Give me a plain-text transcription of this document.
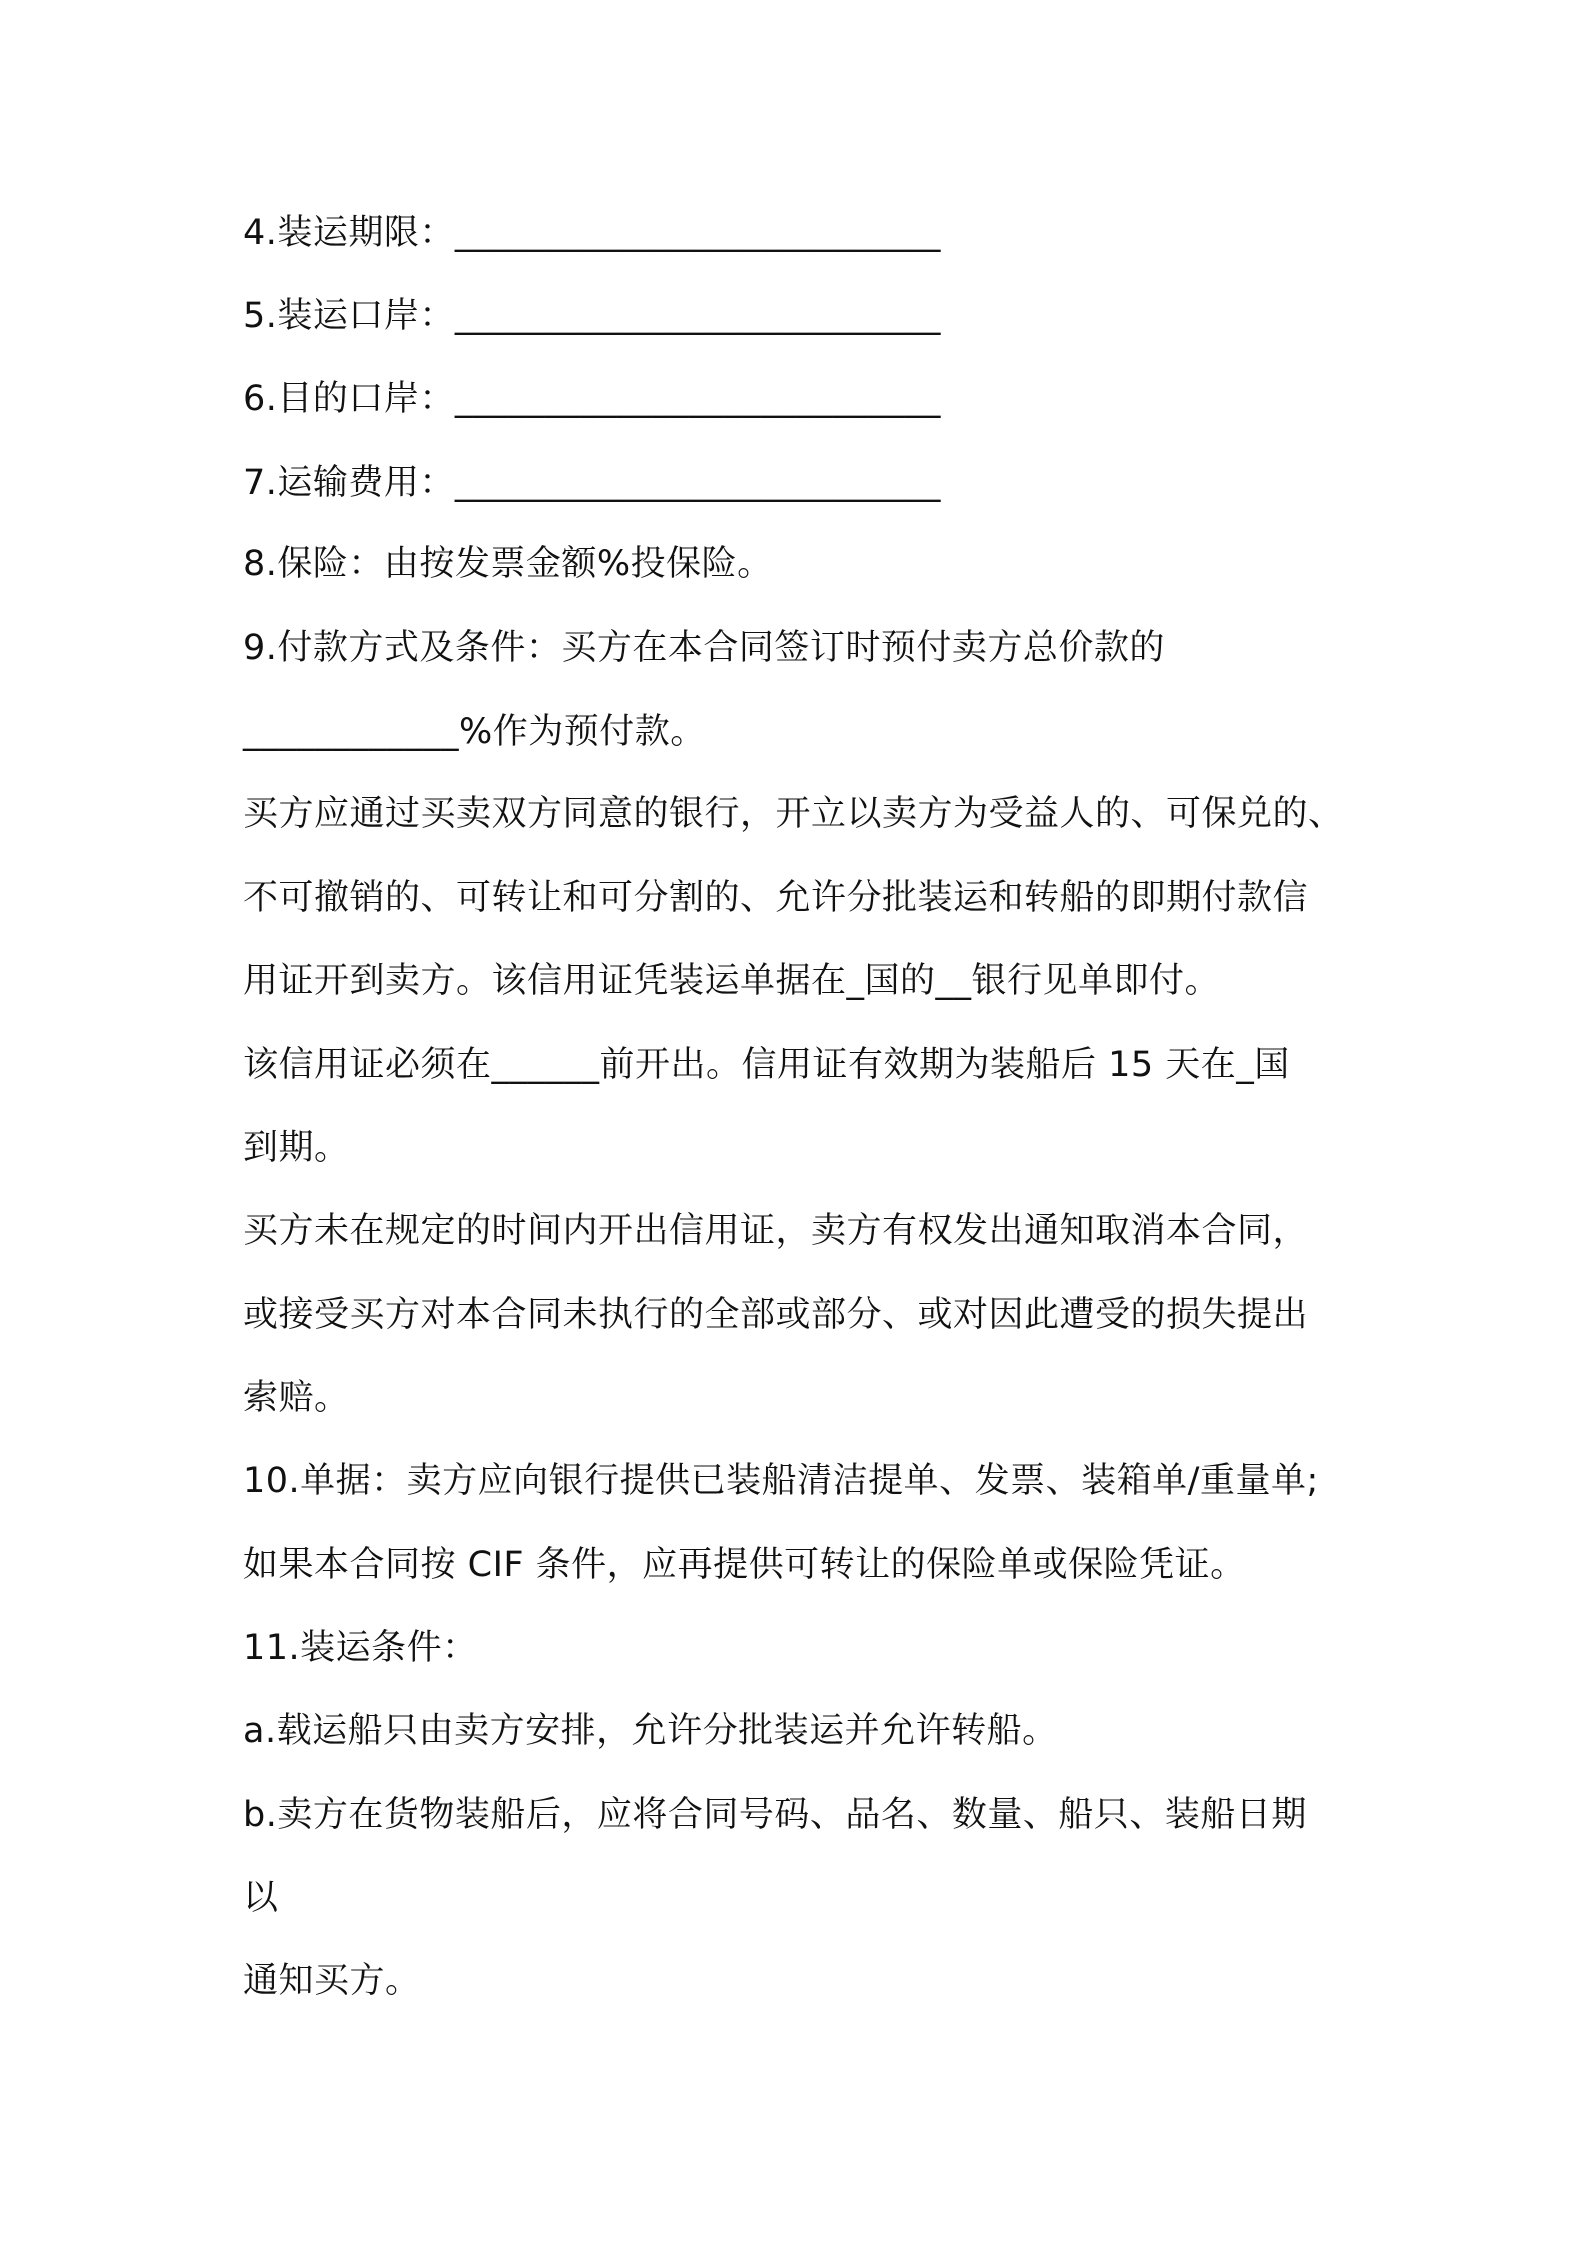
4.装运期限：___________________________
5.装运口岸：___________________________
6.目的口岸：___________________________
7.运输费用：___________________________
8.保险：由按发票金额%投保险。
9.付款方式及条件：买方在本合同签订时预付卖方总价款的
____________%作为预付款。
买方应通过买卖双方同意的银行，开立以卖方为受益人的、可保兑的、
不可撤销的、可转让和可分割的、允许分批装运和转船的即期付款信
用证开到卖方。该信用证凭装运单据在_国的__银行见单即付。
该信用证必须在______前开出。信用证有效期为装船后 15 天在_国
到期。
买方未在规定的时间内开出信用证，卖方有权发出通知取消本合同，
或接受买方对本合同未执行的全部或部分、或对因此遭受的损失提出
索赔。
10.单据：卖方应向银行提供已装船清洁提单、发票、装箱单/重量单;
如果本合同按 CIF 条件，应再提供可转让的保险单或保险凭证。
11.装运条件：
a.载运船只由卖方安排，允许分批装运并允许转船。
b.卖方在货物装船后，应将合同号码、品名、数量、船只、装船日期
以
通知买方。
